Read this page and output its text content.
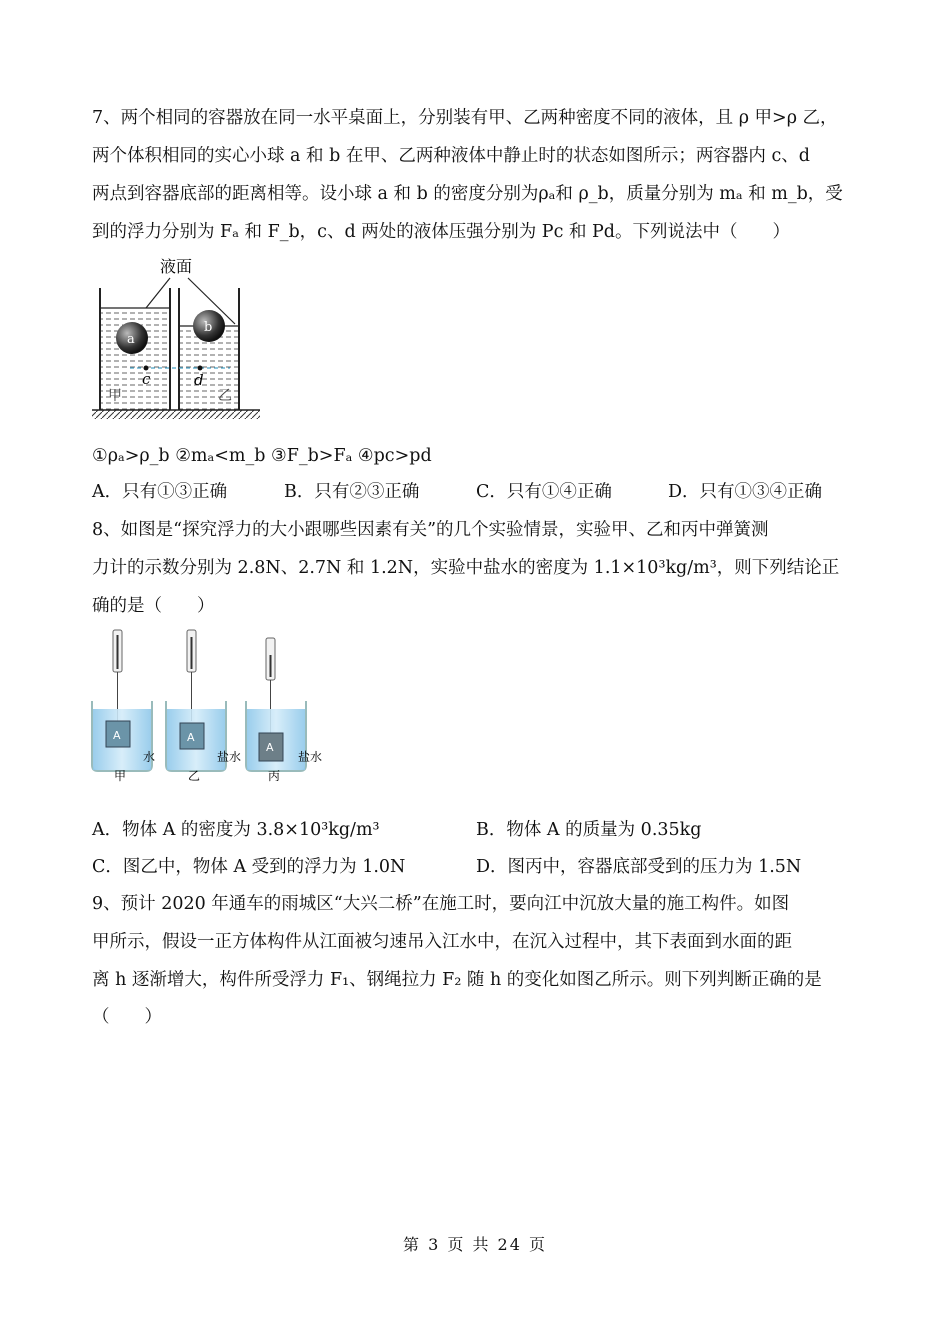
7、两个相同的容器放在同一水平桌面上，分别装有甲、乙两种密度不同的液体，且 ρ 甲>ρ 乙，
两个体积相同的实心小球 a 和 b 在甲、乙两种液体中静止时的状态如图所示；两容器内 c、d
两点到容器底部的距离相等。设小球 a 和 b 的密度分别为ρₐ和 ρ_b，质量分别为 mₐ 和 m_b，受
到的浮力分别为 Fₐ 和 F_b，c、d 两处的液体压强分别为 Pc 和 Pd。下列说法中（　　）
液面
a
b
c	d
甲	乙
①ρₐ>ρ_b ②mₐ<m_b ③F_b>Fₐ ④pc>pd
A．只有①③正确	B．只有②③正确	C．只有①④正确	D．只有①③④正确
8、如图是“探究浮力的大小跟哪些因素有关”的几个实验情景，实验甲、乙和丙中弹簧测
力计的示数分别为 2.8N、2.7N 和 1.2N，实验中盐水的密度为 1.1×10³kg/m³，则下列结论正
确的是（　　）
A
水
甲
A
盐水
乙
A
盐水
丙
A．物体 A 的密度为 3.8×10³kg/m³	B．物体 A 的质量为 0.35kg
C．图乙中，物体 A 受到的浮力为 1.0N	D．图丙中，容器底部受到的压力为 1.5N
9、预计 2020 年通车的雨城区“大兴二桥”在施工时，要向江中沉放大量的施工构件。如图
甲所示，假设一正方体构件从江面被匀速吊入江水中，在沉入过程中，其下表面到水面的距
离 h 逐渐增大，构件所受浮力 F₁、钢绳拉力 F₂ 随 h 的变化如图乙所示。则下列判断正确的是
（　　）
第 3 页 共 24 页
